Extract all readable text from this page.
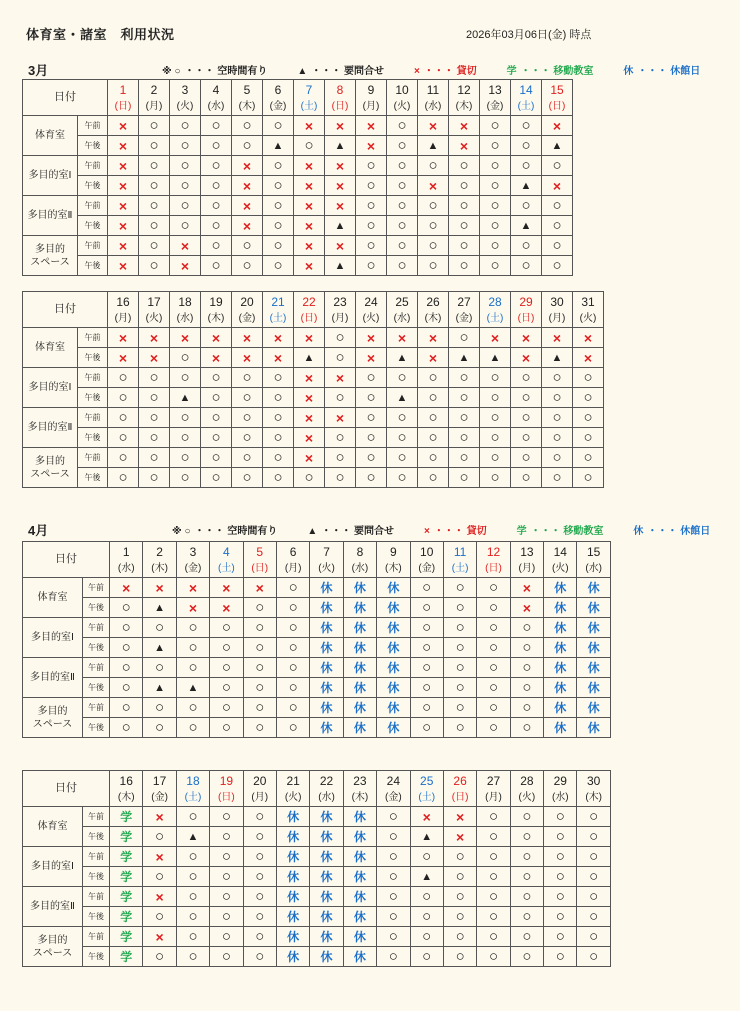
体育室・諸室　利用状況	2026年03月06日(金) 時点
3月	※ ○ ・・・ 空時間有り	▲ ・・・ 要問合せ	× ・・・ 貸切	学 ・・・ 移動教室	休 ・・・ 休館日
日付		1	2	3	4	5	6	7	8	9	10	11	12	13	14	15
		(日)	(月)	(火)	(水)	(木)	(金)	(土)	(日)	(月)	(火)	(水)	(木)	(金)	(土)	(日)
体育室	午前	×	○	○	○	○	○	×	×	×	○	×	×	○	○	×
	午後	×	○	○	○	○	▲	○	▲	×	○	▲	×	○	○	▲
多目的室Ⅰ	午前	×	○	○	○	×	○	×	×	○	○	○	○	○	○	○
	午後	×	○	○	○	×	○	×	×	○	○	×	○	○	▲	×
多目的室Ⅱ	午前	×	○	○	○	×	○	×	×	○	○	○	○	○	○	○
	午後	×	○	○	○	×	○	×	▲	○	○	○	○	○	▲	○
多目的
スペース	午前	×	○	×	○	○	○	×	×	○	○	○	○	○	○	○
	午後	×	○	×	○	○	○	×	▲	○	○	○	○	○	○	○
日付		16	17	18	19	20	21	22	23	24	25	26	27	28	29	30	31
		(月)	(火)	(水)	(木)	(金)	(土)	(日)	(月)	(火)	(水)	(木)	(金)	(土)	(日)	(月)	(火)
体育室	午前	×	×	×	×	×	×	×	○	×	×	×	○	×	×	×	×
	午後	×	×	○	×	×	×	▲	○	×	▲	×	▲	▲	×	▲	×
多目的室Ⅰ	午前	○	○	○	○	○	○	×	×	○	○	○	○	○	○	○	○
	午後	○	○	▲	○	○	○	×	○	○	▲	○	○	○	○	○	○
多目的室Ⅱ	午前	○	○	○	○	○	○	×	×	○	○	○	○	○	○	○	○
	午後	○	○	○	○	○	○	×	○	○	○	○	○	○	○	○	○
多目的
スペース	午前	○	○	○	○	○	○	×	○	○	○	○	○	○	○	○	○
	午後	○	○	○	○	○	○	○	○	○	○	○	○	○	○	○	○
4月	※ ○ ・・・ 空時間有り	▲ ・・・ 要問合せ	× ・・・ 貸切	学 ・・・ 移動教室	休 ・・・ 休館日
日付		1	2	3	4	5	6	7	8	9	10	11	12	13	14	15
		(水)	(木)	(金)	(土)	(日)	(月)	(火)	(水)	(木)	(金)	(土)	(日)	(月)	(火)	(水)
体育室	午前	×	×	×	×	×	○	休	休	休	○	○	○	×	休	休
	午後	○	▲	×	×	○	○	休	休	休	○	○	○	×	休	休
多目的室Ⅰ	午前	○	○	○	○	○	○	休	休	休	○	○	○	○	休	休
	午後	○	▲	○	○	○	○	休	休	休	○	○	○	○	休	休
多目的室Ⅱ	午前	○	○	○	○	○	○	休	休	休	○	○	○	○	休	休
	午後	○	▲	▲	○	○	○	休	休	休	○	○	○	○	休	休
多目的
スペース	午前	○	○	○	○	○	○	休	休	休	○	○	○	○	休	休
	午後	○	○	○	○	○	○	休	休	休	○	○	○	○	休	休
日付		16	17	18	19	20	21	22	23	24	25	26	27	28	29	30
		(木)	(金)	(土)	(日)	(月)	(火)	(水)	(木)	(金)	(土)	(日)	(月)	(火)	(水)	(木)
体育室	午前	学	×	○	○	○	休	休	休	○	×	×	○	○	○	○
	午後	学	○	▲	○	○	休	休	休	○	▲	×	○	○	○	○
多目的室Ⅰ	午前	学	×	○	○	○	休	休	休	○	○	○	○	○	○	○
	午後	学	○	○	○	○	休	休	休	○	▲	○	○	○	○	○
多目的室Ⅱ	午前	学	×	○	○	○	休	休	休	○	○	○	○	○	○	○
	午後	学	○	○	○	○	休	休	休	○	○	○	○	○	○	○
多目的
スペース	午前	学	×	○	○	○	休	休	休	○	○	○	○	○	○	○
	午後	学	○	○	○	○	休	休	休	○	○	○	○	○	○	○
